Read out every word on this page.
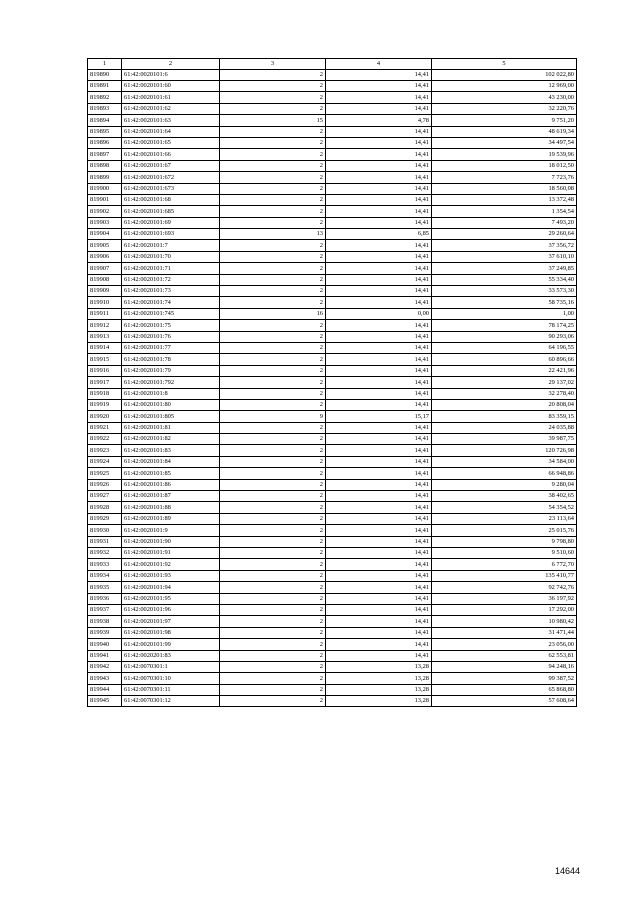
1	2	3	4	5
819890	61:42:0020101:6	2	14,41	102 022,80
819891	61:42:0020101:60	2	14,41	12 969,00
819892	61:42:0020101:61	2	14,41	43 230,00
819893	61:42:0020101:62	2	14,41	32 220,76
819894	61:42:0020101:63	15	4,78	9 751,20
819895	61:42:0020101:64	2	14,41	48 619,34
819896	61:42:0020101:65	2	14,41	34 497,54
819897	61:42:0020101:66	2	14,41	19 539,96
819898	61:42:0020101:67	2	14,41	18 012,50
819899	61:42:0020101:672	2	14,41	7 723,76
819900	61:42:0020101:673	2	14,41	18 560,08
819901	61:42:0020101:68	2	14,41	13 372,48
819902	61:42:0020101:685	2	14,41	1 354,54
819903	61:42:0020101:69	2	14,41	7 493,20
819904	61:42:0020101:693	13	6,85	29 260,64
819905	61:42:0020101:7	2	14,41	37 356,72
819906	61:42:0020101:70	2	14,41	37 610,10
819907	61:42:0020101:71	2	14,41	37 249,85
819908	61:42:0020101:72	2	14,41	55 334,40
819909	61:42:0020101:73	2	14,41	33 573,30
819910	61:42:0020101:74	2	14,41	58 735,16
819911	61:42:0020101:745	16	0,00	1,00
819912	61:42:0020101:75	2	14,41	78 174,25
819913	61:42:0020101:76	2	14,41	90 293,06
819914	61:42:0020101:77	2	14,41	64 196,55
819915	61:42:0020101:78	2	14,41	60 896,66
819916	61:42:0020101:79	2	14,41	22 421,96
819917	61:42:0020101:792	2	14,41	29 137,02
819918	61:42:0020101:8	2	14,41	32 278,40
819919	61:42:0020101:80	2	14,41	20 808,04
819920	61:42:0020101:805	9	15,17	83 359,15
819921	61:42:0020101:81	2	14,41	24 035,88
819922	61:42:0020101:82	2	14,41	39 987,75
819923	61:42:0020101:83	2	14,41	120 726,98
819924	61:42:0020101:84	2	14,41	34 584,00
819925	61:42:0020101:85	2	14,41	66 948,86
819926	61:42:0020101:86	2	14,41	9 280,04
819927	61:42:0020101:87	2	14,41	38 402,65
819928	61:42:0020101:88	2	14,41	54 354,52
819929	61:42:0020101:89	2	14,41	23 113,64
819930	61:42:0020101:9	2	14,41	25 015,76
819931	61:42:0020101:90	2	14,41	9 798,80
819932	61:42:0020101:91	2	14,41	9 510,60
819933	61:42:0020101:92	2	14,41	6 772,70
819934	61:42:0020101:93	2	14,41	135 410,77
819935	61:42:0020101:94	2	14,41	92 742,76
819936	61:42:0020101:95	2	14,41	36 197,92
819937	61:42:0020101:96	2	14,41	17 292,00
819938	61:42:0020101:97	2	14,41	10 980,42
819939	61:42:0020101:98	2	14,41	31 471,44
819940	61:42:0020101:99	2	14,41	23 056,00
819941	61:42:0020201:83	2	14,41	62 553,81
819942	61:42:0070301:1	2	13,28	94 248,16
819943	61:42:0070301:10	2	13,28	99 387,52
819944	61:42:0070301:11	2	13,28	65 868,80
819945	61:42:0070301:12	2	13,28	57 608,64
14644
